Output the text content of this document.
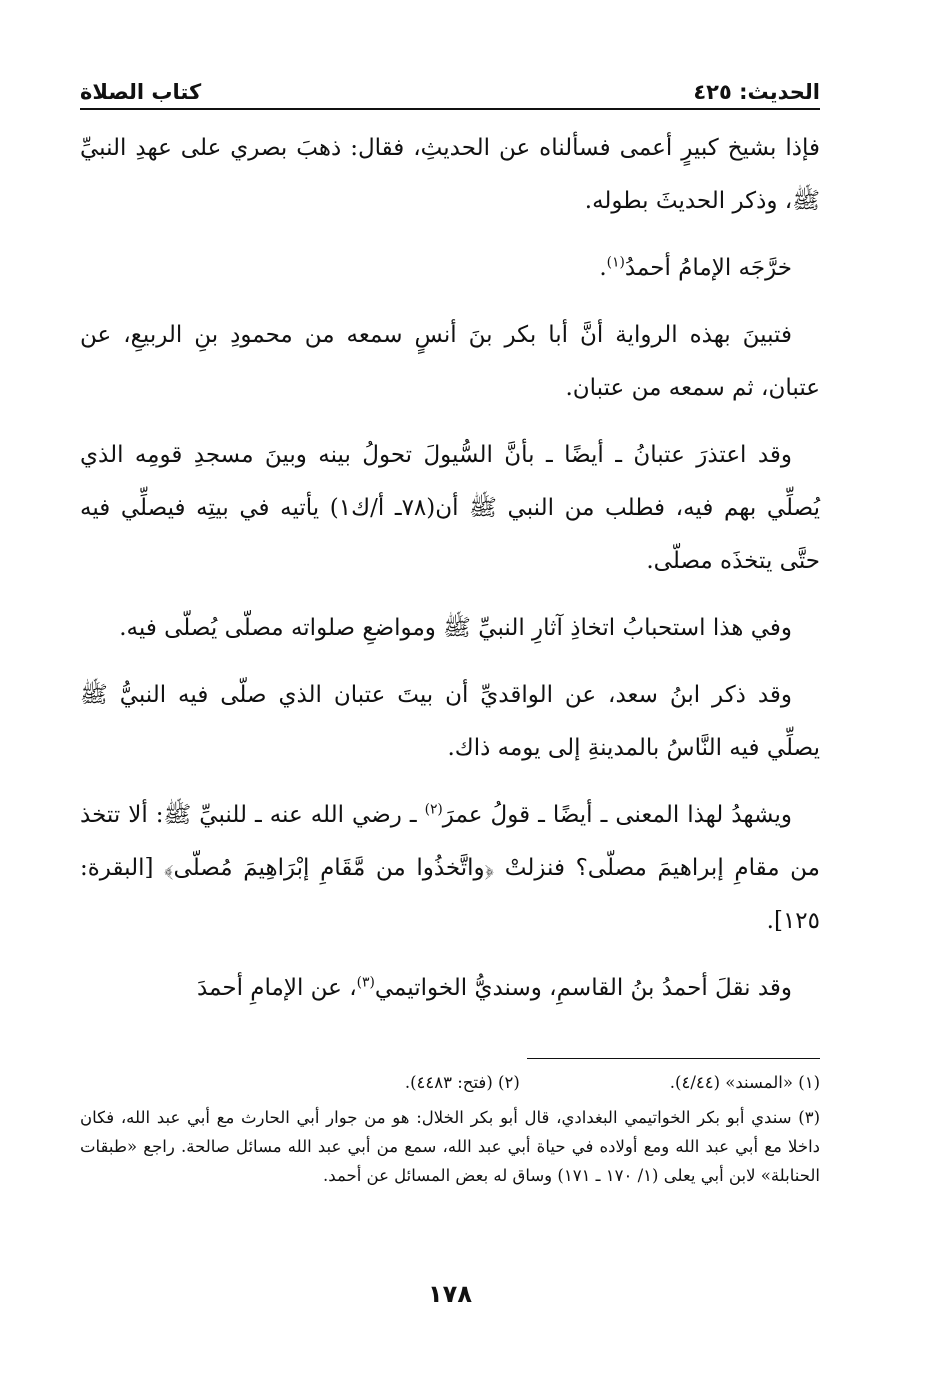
الحديث: ٤٢٥
كتاب الصلاة

فإذا بشيخ كبيرٍ أعمى فسألناه عن الحديثِ، فقال: ذهبَ بصري على عهدِ النبيِّ ﷺ، وذكر الحديثَ بطوله.

خرَّجَه الإمامُ أحمدُ$^{(١)}$.

فتبينَ بهذه الرواية أنَّ أبا بكر بنَ أنسٍ سمعه من محمودِ بنِ الربيعِ، عن عتبان، ثم سمعه من عتبان.

وقد اعتذرَ عتبانُ ـ أيضًا ـ بأنَّ السُّيولَ تحولُ بينه وبينَ مسجدِ قومِه الذي يُصلِّي بهم فيه، فطلب من النبي ﷺ أن(٧٨ـ أ/ك١) يأتيه في بيتِه فيصلِّي فيه حتَّى يتخذَه مصلّى.

وفي هذا استحبابُ اتخاذِ آثارِ النبيِّ ﷺ ومواضعِ صلواته مصلّى يُصلّى فيه.

وقد ذكر ابنُ سعد، عن الواقديِّ أن بيتَ عتبان الذي صلّى فيه النبيُّ ﷺ يصلِّي فيه النَّاسُ بالمدينةِ إلى يومه ذاك.

ويشهدُ لهذا المعنى ـ أيضًا ـ قولُ عمرَ$^{(٢)}$ ـ رضي الله عنه ـ للنبيِّ ﷺ: ألا تتخذ من مقامِ إبراهيمَ مصلّى؟ فنزلتْ ﴿واتَّخذُوا من مَّقَامِ إبْرَاهِيمَ مُصلّى﴾ [البقرة: ١٢٥].

وقد نقلَ أحمدُ بنُ القاسمِ، وسنديُّ الخواتيمي$^{(٣)}$، عن الإمامِ أحمدَ

(١) «المسند» (٤/٤٤).
(٢) (فتح: ٤٤٨٣).

(٣) سندي أبو بكر الخواتيمي البغدادي، قال أبو بكر الخلال: هو من جوار أبي الحارث مع أبي عبد الله، فكان داخلا مع أبي عبد الله ومع أولاده في حياة أبي عبد الله، سمع من أبي عبد الله مسائل صالحة. راجع «طبقات الحنابلة» لابن أبي يعلى (١/ ١٧٠ ـ ١٧١) وساق له بعض المسائل عن أحمد.

١٧٨
